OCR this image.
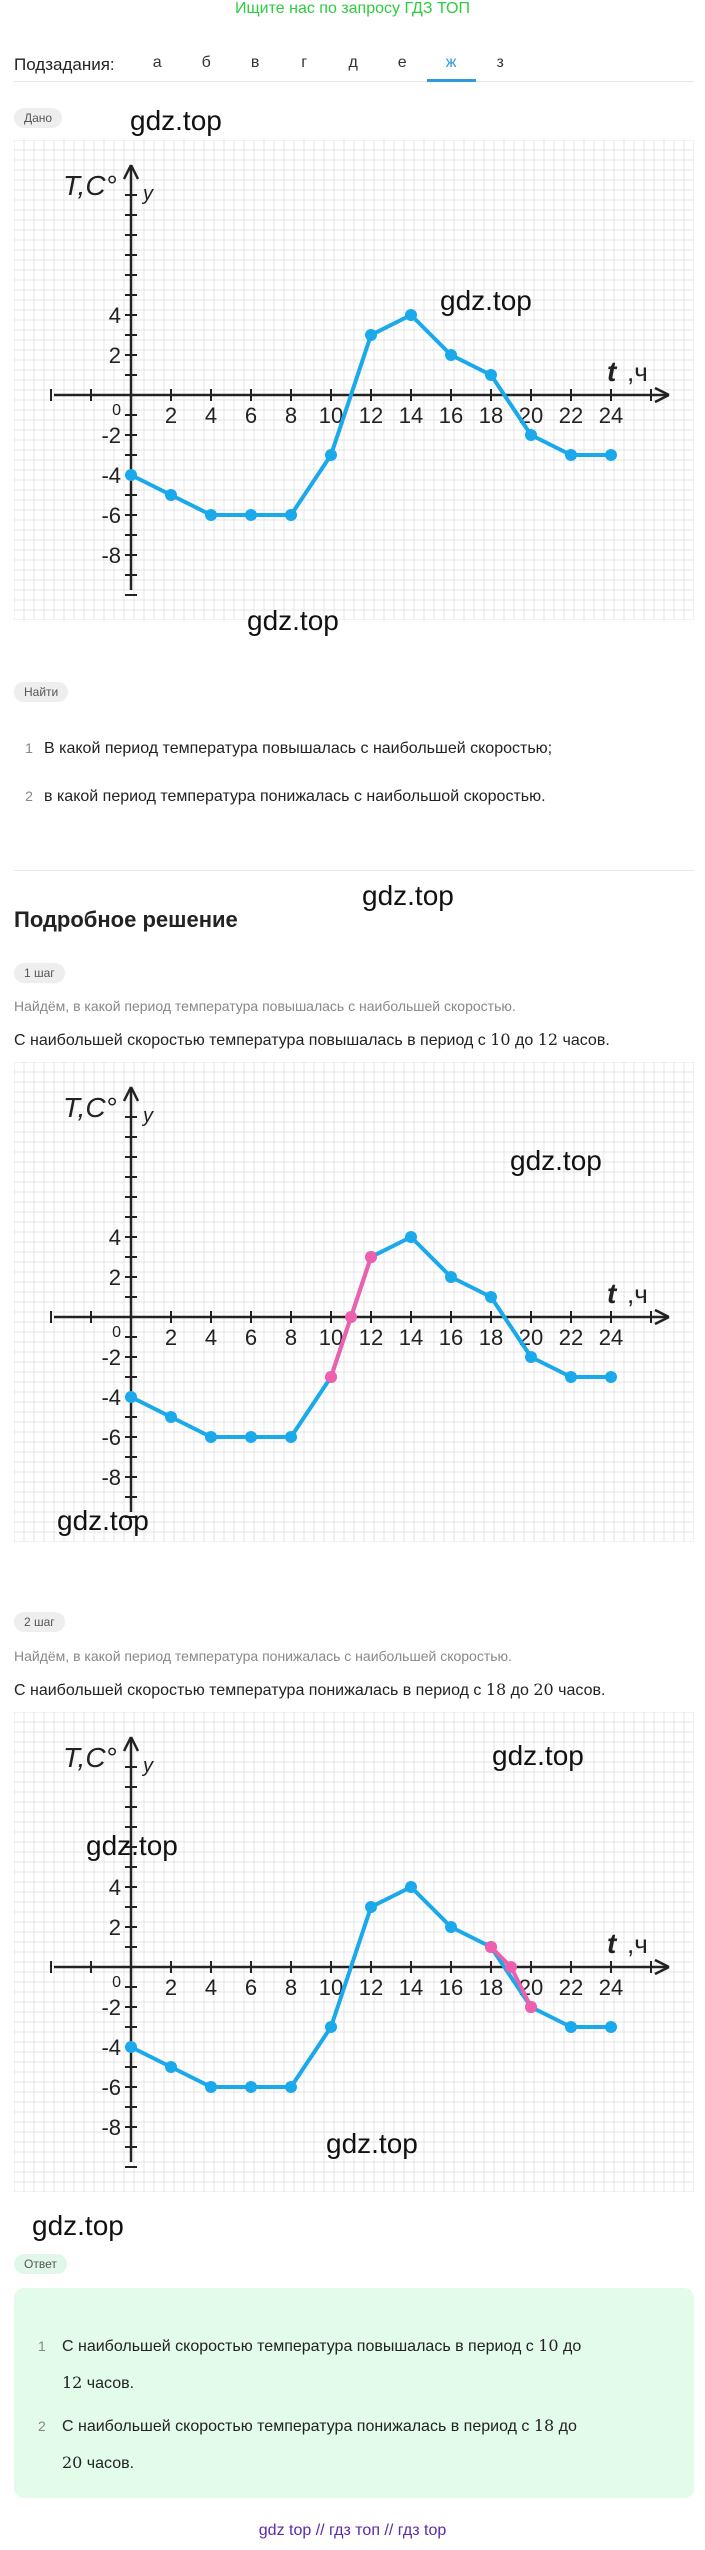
Ищите нас по запросу ГДЗ ТОП
Подзадания:	а	б	в	г	д	е	ж	з
Дано
2 4 6 8 10 12 14 16 18 20 22 24
4
2
0
-2
-4
-6
-8
T,C° y
t ,ч
Найти
1 В какой период температура повышалась с наибольшей скоростью;
2 в какой период температура понижалась с наибольшой скоростью.
Подробное решение
1 шаг
Найдём, в какой период температура повышалась с наибольшей скоростью.
С наибольшей скоростью температура повышалась в период с 10 до 12 часов.
2 4 6 8 10 12 14 16 18 20 22 24
4
2
0
-2
-4
-6
-8
T,C° y
t ,ч
2 шаг
Найдём, в какой период температура понижалась с наибольшей скоростью.
С наибольшей скоростью температура понижалась в период с 18 до 20 часов.
2 4 6 8 10 12 14 16 18 20 22 24
4
2
0
-2
-4
-6
-8
T,C° y
t ,ч
Ответ
1	С наибольшей скоростью температура повышалась в период с 10 до
12 часов.
2	С наибольшей скоростью температура понижалась в период с 18 до
20 часов.
gdz.top
gdz.top
gdz.top
gdz.top
gdz.top
gdz.top
gdz.top
gdz.top
gdz.top
gdz.top
gdz top // гдз топ // гдз top
